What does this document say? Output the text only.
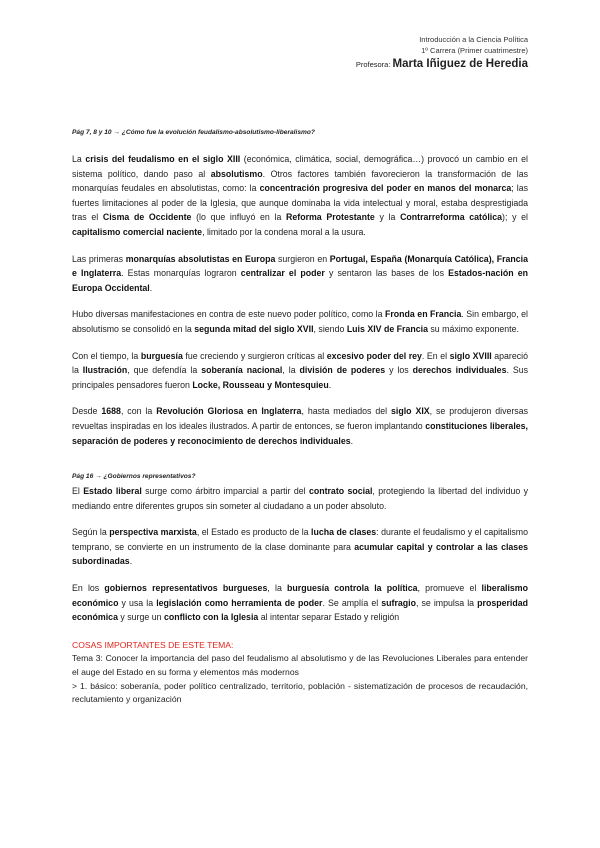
Introducción a la Ciencia Política
1º Carrera (Primer cuatrimestre)
Profesora: Marta Iñiguez de Heredia
Pág 7, 8 y 10 → ¿Cómo fue la evolución feudalismo-absolutismo-liberalismo?

La crisis del feudalismo en el siglo XIII (económica, climática, social, demográfica…) provocó un cambio en el sistema político, dando paso al absolutismo. Otros factores también favorecieron la transformación de las monarquías feudales en absolutistas, como: la concentración progresiva del poder en manos del monarca; las fuertes limitaciones al poder de la Iglesia, que aunque dominaba la vida intelectual y moral, estaba desprestigiada tras el Cisma de Occidente (lo que influyó en la Reforma Protestante y la Contrarreforma católica); y el capitalismo comercial naciente, limitado por la condena moral a la usura.

Las primeras monarquías absolutistas en Europa surgieron en Portugal, España (Monarquía Católica), Francia e Inglaterra. Estas monarquías lograron centralizar el poder y sentaron las bases de los Estados-nación en Europa Occidental.

Hubo diversas manifestaciones en contra de este nuevo poder político, como la Fronda en Francia. Sin embargo, el absolutismo se consolidó en la segunda mitad del siglo XVII, siendo Luis XIV de Francia su máximo exponente.

Con el tiempo, la burguesía fue creciendo y surgieron críticas al excesivo poder del rey. En el siglo XVIII apareció la Ilustración, que defendía la soberanía nacional, la división de poderes y los derechos individuales. Sus principales pensadores fueron Locke, Rousseau y Montesquieu.

Desde 1688, con la Revolución Gloriosa en Inglaterra, hasta mediados del siglo XIX, se produjeron diversas revueltas inspiradas en los ideales ilustrados. A partir de entonces, se fueron implantando constituciones liberales, separación de poderes y reconocimiento de derechos individuales.

Pág 16 → ¿Gobiernos representativos?

El Estado liberal surge como árbitro imparcial a partir del contrato social, protegiendo la libertad del individuo y mediando entre diferentes grupos sin someter al ciudadano a un poder absoluto.

Según la perspectiva marxista, el Estado es producto de la lucha de clases: durante el feudalismo y el capitalismo temprano, se convierte en un instrumento de la clase dominante para acumular capital y controlar a las clases subordinadas.

En los gobiernos representativos burgueses, la burguesía controla la política, promueve el liberalismo económico y usa la legislación como herramienta de poder. Se amplía el sufragio, se impulsa la prosperidad económica y surge un conflicto con la Iglesia al intentar separar Estado y religión

COSAS IMPORTANTES DE ESTE TEMA:
Tema 3: Conocer la importancia del paso del feudalismo al absolutismo y de las Revoluciones Liberales para entender el auge del Estado en su forma y elementos más modernos
> 1. básico: soberanía, poder político centralizado, territorio, población - sistematización de procesos de recaudación, reclutamiento y organización
